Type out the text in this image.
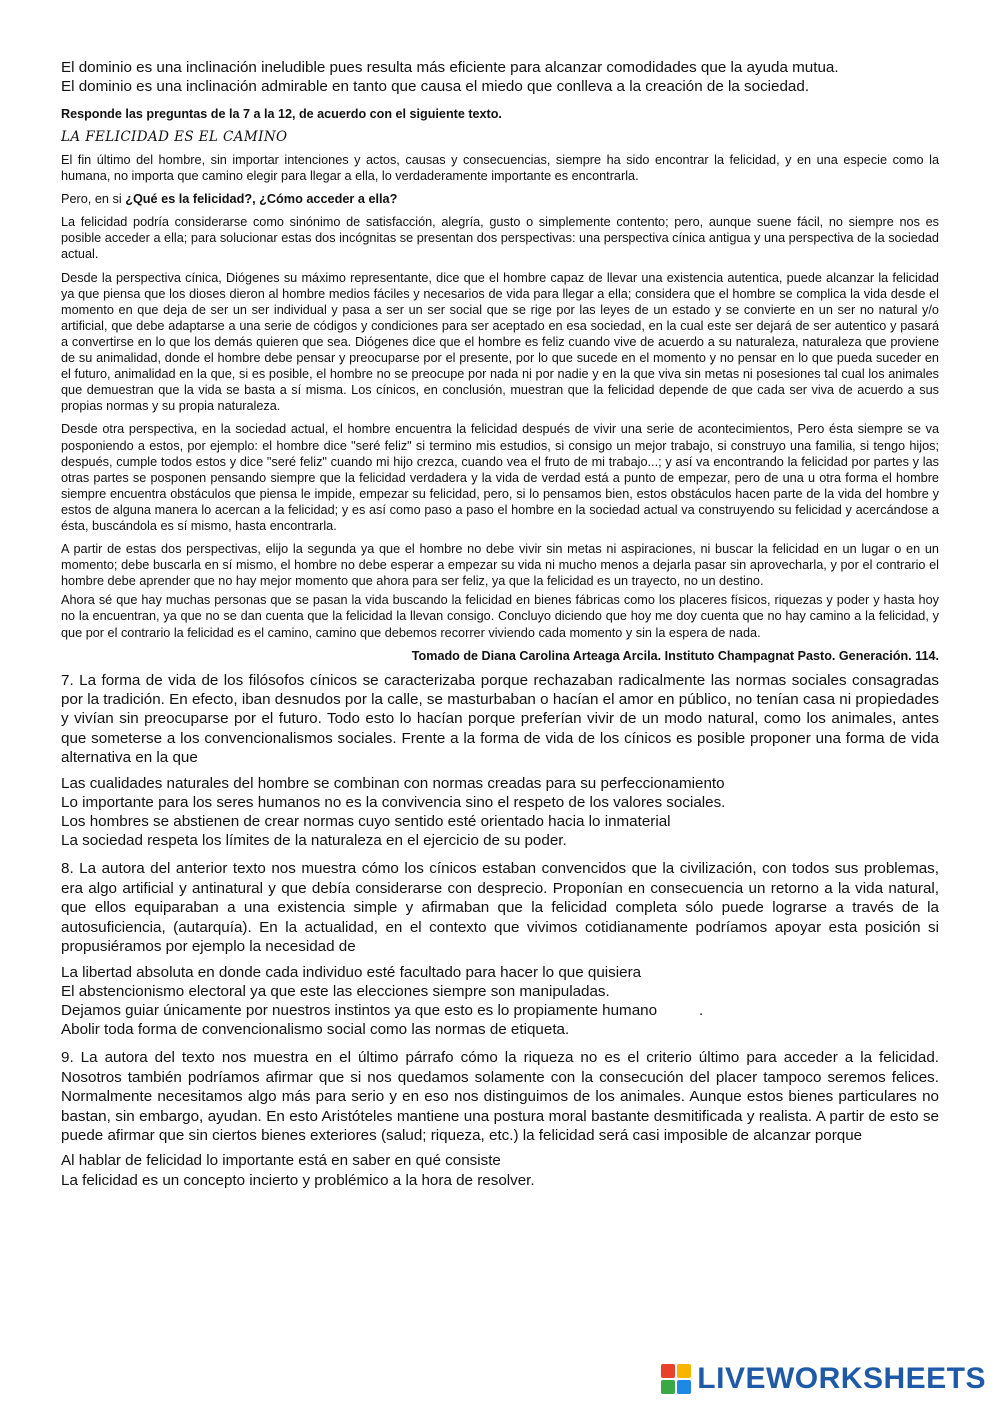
El dominio es una inclinación ineludible pues resulta más eficiente para alcanzar comodidades que la ayuda mutua.

El dominio es una inclinación admirable en tanto que causa el miedo que conlleva a la creación de la sociedad.

Responde las preguntas de la 7 a la 12, de acuerdo con el siguiente texto.

LA FELICIDAD ES EL CAMINO

El fin último del hombre, sin importar intenciones y actos, causas y consecuencias, siempre ha sido encontrar la felicidad, y en una especie como la humana, no importa que camino elegir para llegar a ella, lo verdaderamente importante es encontrarla.

Pero, en si ¿Qué es la felicidad?, ¿Cómo acceder a ella?

La felicidad podría considerarse como sinónimo de satisfacción, alegría, gusto o simplemente contento; pero, aunque suene fácil, no siempre nos es posible acceder a ella; para solucionar estas dos incógnitas se presentan dos perspectivas: una perspectiva cínica antigua y una perspectiva de la sociedad actual.

Desde la perspectiva cínica, Diógenes su máximo representante, dice que el hombre capaz de llevar una existencia autentica, puede alcanzar la felicidad ya que piensa que los dioses dieron al hombre medios fáciles y necesarios de vida para llegar a ella; considera que el hombre se complica la vida desde el momento en que deja de ser un ser individual y pasa a ser un ser social que se rige por las leyes de un estado y se convierte en un ser no natural y/o artificial, que debe adaptarse a una serie de códigos y condiciones para ser aceptado en esa sociedad, en la cual este ser dejará de ser autentico y pasará a convertirse en lo que los demás quieren que sea. Diógenes dice que el hombre es feliz cuando vive de acuerdo a su naturaleza, naturaleza que proviene de su animalidad, donde el hombre debe pensar y preocuparse por el presente, por lo que sucede en el momento y no pensar en lo que pueda suceder en el futuro, animalidad en la que, si es posible, el hombre no se preocupe por nada ni por nadie y en la que viva sin metas ni posesiones tal cual los animales que demuestran que la vida se basta a sí misma. Los cínicos, en conclusión, muestran que la felicidad depende de que cada ser viva de acuerdo a sus propias normas y su propia naturaleza.

Desde otra perspectiva, en la sociedad actual, el hombre encuentra la felicidad después de vivir una serie de acontecimientos, Pero ésta siempre se va posponiendo a estos, por ejemplo: el hombre dice "seré feliz" si termino mis estudios, si consigo un mejor trabajo, si construyo una familia, si tengo hijos; después, cumple todos estos y dice "seré feliz" cuando mi hijo crezca, cuando vea el fruto de mi trabajo...; y así va encontrando la felicidad por partes y las otras partes se posponen pensando siempre que la felicidad verdadera y la vida de verdad está a punto de empezar, pero de una u otra forma el hombre siempre encuentra obstáculos que piensa le impide, empezar su felicidad, pero, si lo pensamos bien, estos obstáculos hacen parte de la vida del hombre y estos de alguna manera lo acercan a la felicidad; y es así como paso a paso el hombre en la sociedad actual va construyendo su felicidad y acercándose a ésta, buscándola es sí mismo, hasta encontrarla.

A partir de estas dos perspectivas, elijo la segunda ya que el hombre no debe vivir sin metas ni aspiraciones, ni buscar la felicidad en un lugar o en un momento; debe buscarla en sí mismo, el hombre no debe esperar a empezar su vida ni mucho menos a dejarla pasar sin aprovecharla, y por el contrario el hombre debe aprender que no hay mejor momento que ahora para ser feliz, ya que la felicidad es un trayecto, no un destino.

Ahora sé que hay muchas personas que se pasan la vida buscando la felicidad en bienes fábricas como los placeres físicos, riquezas y poder y hasta hoy no la encuentran, ya que no se dan cuenta que la felicidad la llevan consigo. Concluyo diciendo que hoy me doy cuenta que no hay camino a la felicidad, y que por el contrario la felicidad es el camino, camino que debemos recorrer viviendo cada momento y sin la espera de nada.

Tomado de Diana Carolina Arteaga Arcila. Instituto Champagnat Pasto. Generación. 114.

7. La forma de vida de los filósofos cínicos se caracterizaba porque rechazaban radicalmente las normas sociales consagradas por la tradición. En efecto, iban desnudos por la calle, se masturbaban o hacían el amor en público, no tenían casa ni propiedades y vivían sin preocuparse por el futuro. Todo esto lo hacían porque preferían vivir de un modo natural, como los animales, antes que someterse a los convencionalismos sociales. Frente a la forma de vida de los cínicos es posible proponer una forma de vida alternativa en la que

Las cualidades naturales del hombre se combinan con normas creadas para su perfeccionamiento

Lo importante para los seres humanos no es la convivencia sino el respeto de los valores sociales.

Los hombres se abstienen de crear normas cuyo sentido esté orientado hacia lo inmaterial

La sociedad respeta los límites de la naturaleza en el ejercicio de su poder.

8. La autora del anterior texto nos muestra cómo los cínicos estaban convencidos que la civilización, con todos sus problemas, era algo artificial y antinatural y que debía considerarse con desprecio. Proponían en consecuencia un retorno a la vida natural, que ellos equiparaban a una existencia simple y afirmaban que la felicidad completa sólo puede lograrse a través de la autosuficiencia, (autarquía). En la actualidad, en el contexto que vivimos cotidianamente podríamos apoyar esta posición si propusiéramos por ejemplo la necesidad de

La libertad absoluta en donde cada individuo esté facultado para hacer lo que quisiera

El abstencionismo electoral ya que este las elecciones siempre son manipuladas.

Dejamos guiar únicamente por nuestros instintos ya que esto es lo propiamente humano	.

Abolir toda forma de convencionalismo social como las normas de etiqueta.

9. La autora del texto nos muestra en el último párrafo cómo la riqueza no es el criterio último para acceder a la felicidad. Nosotros también podríamos afirmar que si nos quedamos solamente con la consecución del placer tampoco seremos felices. Normalmente necesitamos algo más para serio y en eso nos distinguimos de los animales. Aunque estos bienes particulares no bastan, sin embargo, ayudan. En esto Aristóteles mantiene una postura moral bastante desmitificada y realista. A partir de esto se puede afirmar que sin ciertos bienes exteriores (salud; riqueza, etc.) la felicidad será casi imposible de alcanzar porque

Al hablar de felicidad lo importante está en saber en qué consiste

La felicidad es un concepto incierto y problémico a la hora de resolver.

LIVEWORKSHEETS
